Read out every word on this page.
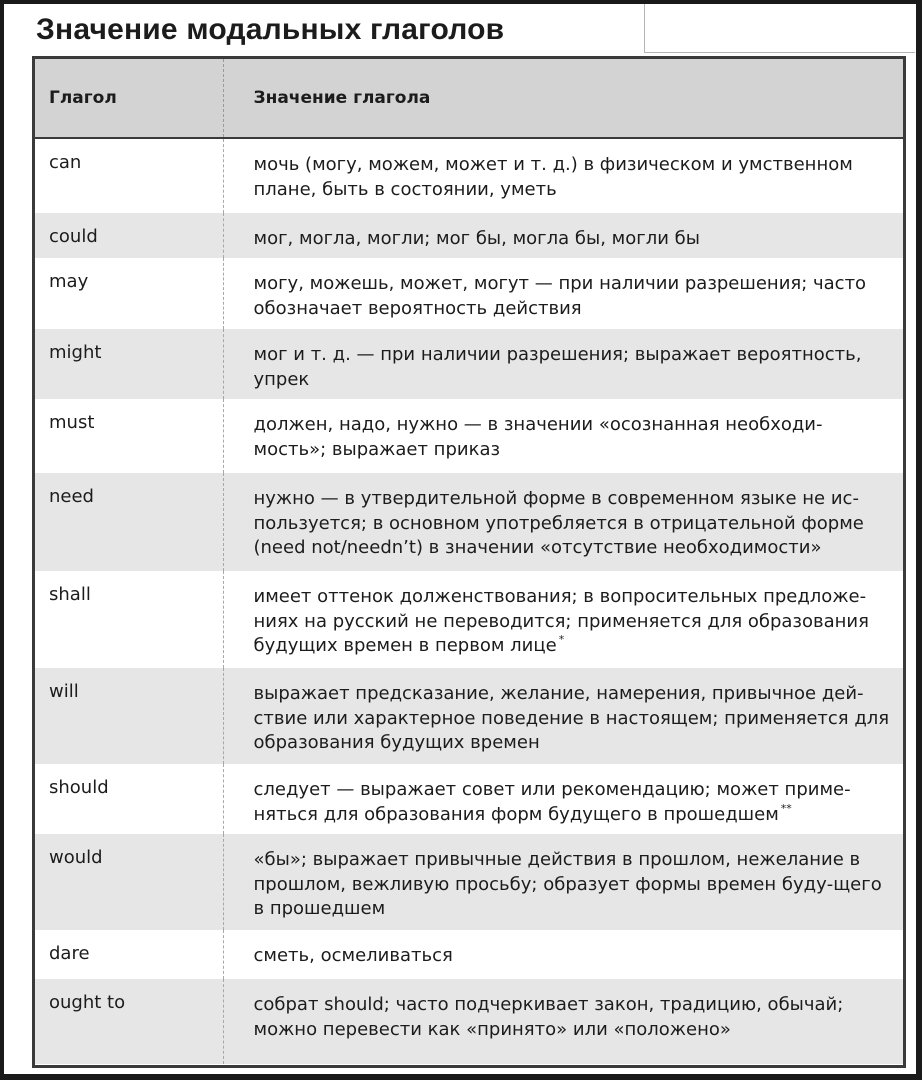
Значение модальных глаголов
Глагол	Значение глагола
can	мочь (могу, можем, может и т. д.) в физическом и умственном плане, быть в состоянии, уметь
could	мог, могла, могли; мог бы, могла бы, могли бы
may	могу, можешь, может, могут — при наличии разрешения; часто обозначает вероятность действия
might	мог и т. д. — при наличии разрешения; выражает вероятность, упрек
must	должен, надо, нужно — в значении «осознанная необходи-мость»; выражает приказ
need	нужно — в утвердительной форме в современном языке не ис-пользуется; в основном употребляется в отрицательной форме (need not/needn’t) в значении «отсутствие необходимости»
shall	имеет оттенок долженствования; в вопросительных предложе-ниях на русский не переводится; применяется для образования будущих времен в первом лице *
will	выражает предсказание, желание, намерения, привычное дей-ствие или характерное поведение в настоящем; применяется для образования будущих времен
should	следует — выражает совет или рекомендацию; может приме-няться для образования форм будущего в прошедшем **
would	«бы»; выражает привычные действия в прошлом, нежелание в прошлом, вежливую просьбу; образует формы времен буду-щего в прошедшем
dare	сметь, осмеливаться
ought to	собрат should; часто подчеркивает закон, традицию, обычай; можно перевести как «принято» или «положено»
